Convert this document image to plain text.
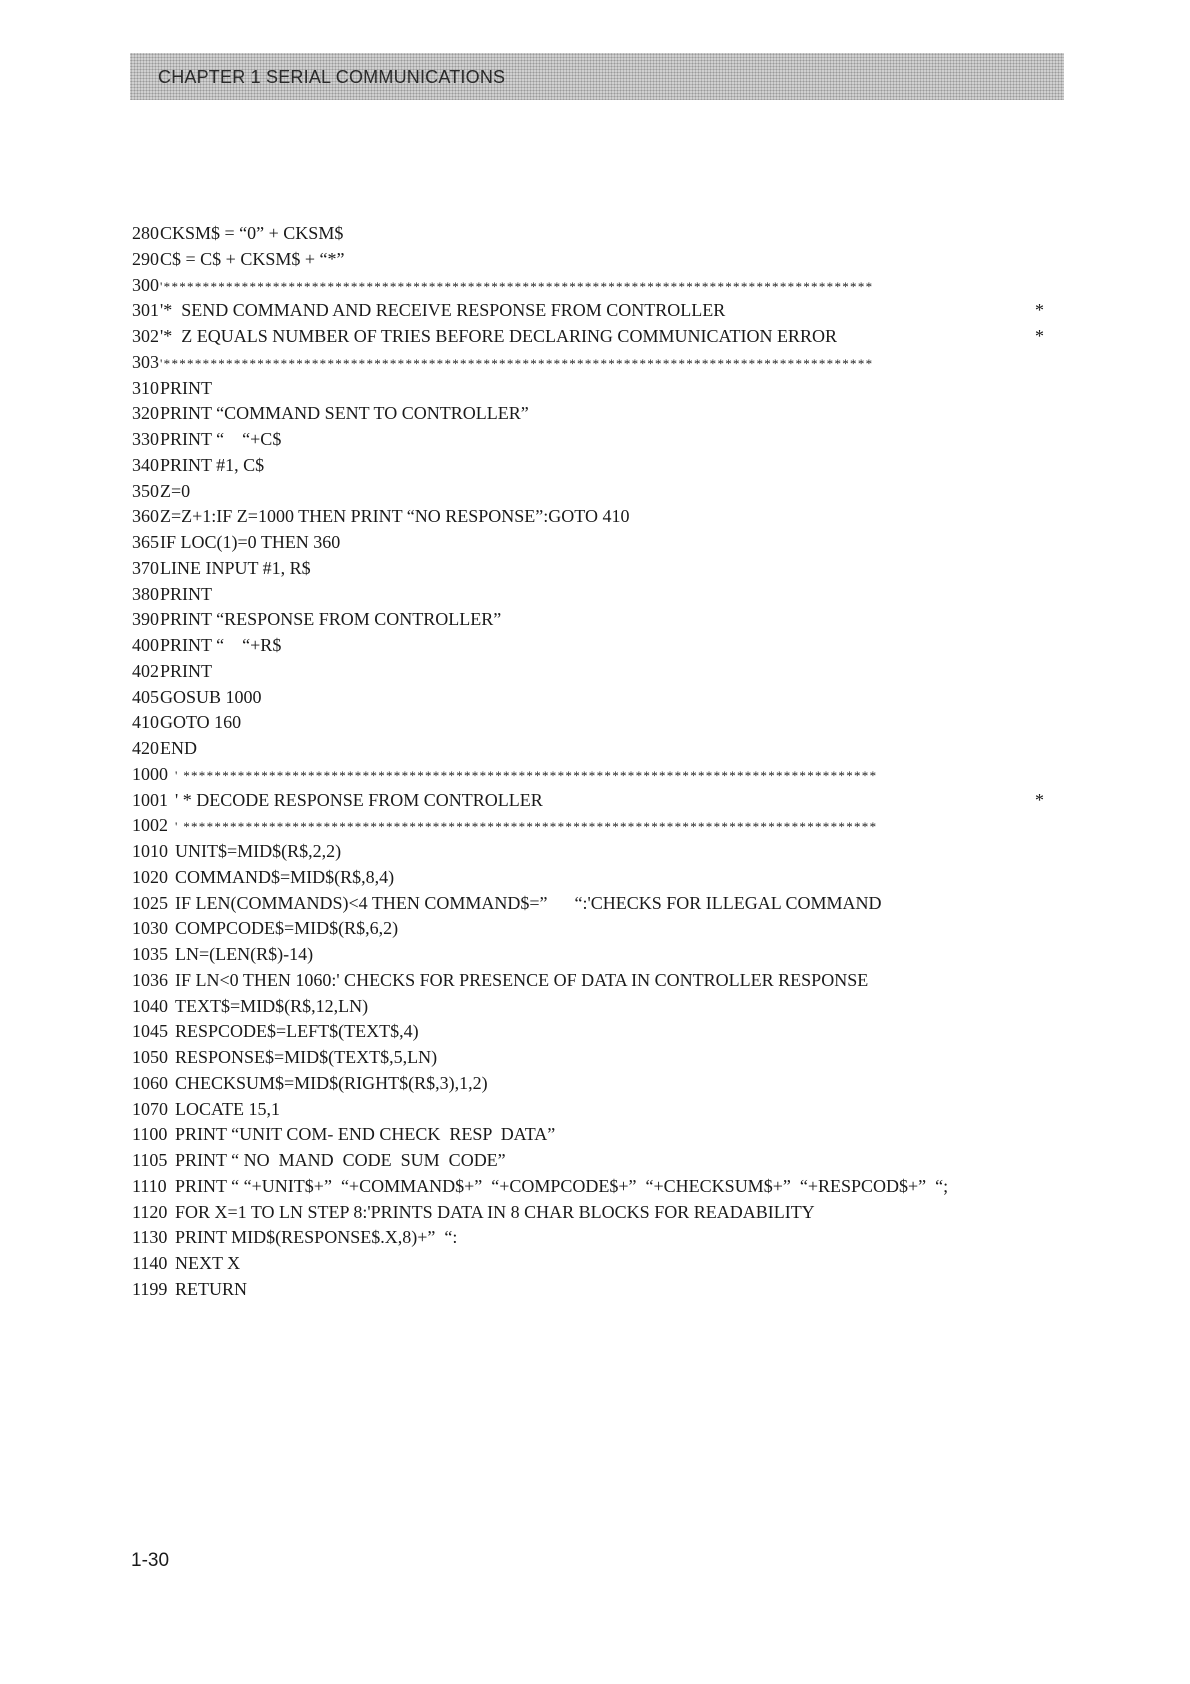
CHAPTER 1 SERIAL COMMUNICATIONS
280CKSM$ = “0” + CKSM$
290C$ = C$ + CKSM$ + “*”
300'*******************************************************************************************
301'*  SEND COMMAND AND RECEIVE RESPONSE FROM CONTROLLER	*
302'*  Z EQUALS NUMBER OF TRIES BEFORE DECLARING COMMUNICATION ERROR	*
303'*******************************************************************************************
310PRINT
320PRINT “COMMAND SENT TO CONTROLLER”
330PRINT “    “+C$
340PRINT #1, C$
350Z=0
360Z=Z+1:IF Z=1000 THEN PRINT “NO RESPONSE”:GOTO 410
365IF LOC(1)=0 THEN 360
370LINE INPUT #1, R$
380PRINT
390PRINT “RESPONSE FROM CONTROLLER”
400PRINT “    “+R$
402PRINT
405GOSUB 1000
410GOTO 160
420END
1000 ' *****************************************************************************************
1001 ' * DECODE RESPONSE FROM CONTROLLER	*
1002 ' *****************************************************************************************
1010 UNIT$=MID$(R$,2,2)
1020 COMMAND$=MID$(R$,8,4)
1025 IF LEN(COMMANDS)<4 THEN COMMAND$=”      “:'CHECKS FOR ILLEGAL COMMAND
1030 COMPCODE$=MID$(R$,6,2)
1035 LN=(LEN(R$)-14)
1036 IF LN<0 THEN 1060:' CHECKS FOR PRESENCE OF DATA IN CONTROLLER RESPONSE
1040 TEXT$=MID$(R$,12,LN)
1045 RESPCODE$=LEFT$(TEXT$,4)
1050 RESPONSE$=MID$(TEXT$,5,LN)
1060 CHECKSUM$=MID$(RIGHT$(R$,3),1,2)
1070 LOCATE 15,1
1100 PRINT “UNIT COM- END CHECK  RESP  DATA”
1105 PRINT “ NO  MAND  CODE  SUM  CODE”
1110 PRINT “ “+UNIT$+”  “+COMMAND$+”  “+COMPCODE$+”  “+CHECKSUM$+”  “+RESPCOD$+”  “;
1120 FOR X=1 TO LN STEP 8:'PRINTS DATA IN 8 CHAR BLOCKS FOR READABILITY
1130 PRINT MID$(RESPONSE$.X,8)+”  “:
1140 NEXT X
1199 RETURN
1-30
